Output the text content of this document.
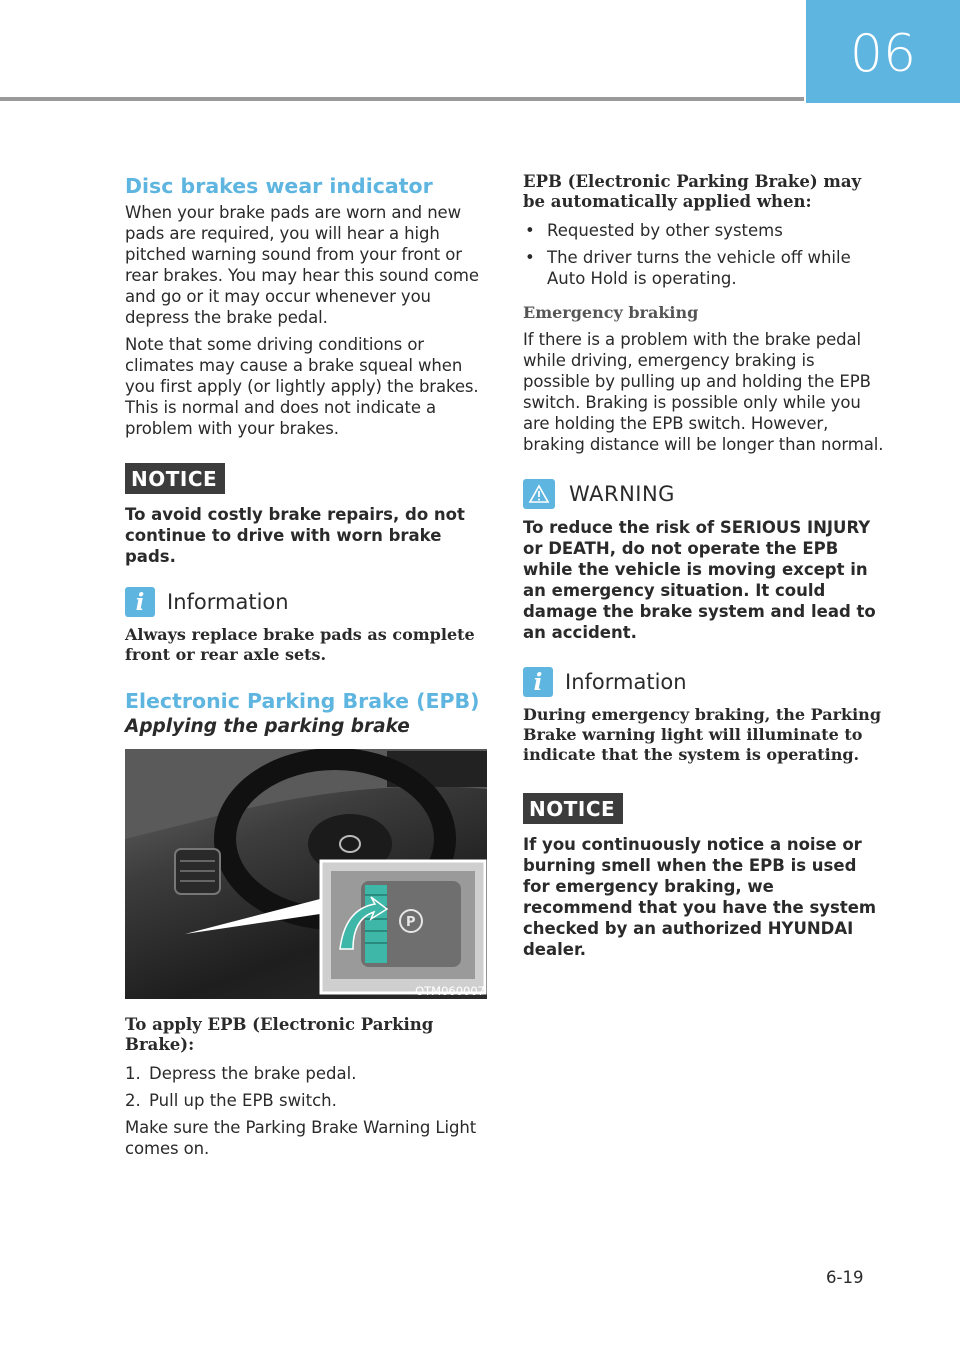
06
Disc brakes wear indicator

When your brake pads are worn and new pads are required, you will hear a high pitched warning sound from your front or rear brakes. You may hear this sound come and go or it may occur whenever you depress the brake pedal.

Note that some driving conditions or climates may cause a brake squeal when you first apply (or lightly apply) the brakes. This is normal and does not indicate a problem with your brakes.

NOTICE
To avoid costly brake repairs, do not continue to drive with worn brake pads.
i	Information
Always replace brake pads as complete front or rear axle sets.
Electronic Parking Brake (EPB)
Applying the parking brake
P
OTM060007
To apply EPB (Electronic Parking Brake):
1. Depress the brake pedal.
2. Pull up the EPB switch.

Make sure the Parking Brake Warning Light comes on.

EPB (Electronic Parking Brake) may be automatically applied when:
• Requested by other systems
• The driver turns the vehicle off while Auto Hold is operating.
Emergency braking

If there is a problem with the brake pedal while driving, emergency braking is possible by pulling up and holding the EPB switch. Braking is possible only while you are holding the EPB switch. However, braking distance will be longer than normal.

WARNING
To reduce the risk of SERIOUS INJURY or DEATH, do not operate the EPB while the vehicle is moving except in an emergency situation. It could damage the brake system and lead to an accident.
i	Information
During emergency braking, the Parking Brake warning light will illuminate to indicate that the system is operating.
NOTICE
If you continuously notice a noise or burning smell when the EPB is used for emergency braking, we recommend that you have the system checked by an authorized HYUNDAI dealer.
6-19
